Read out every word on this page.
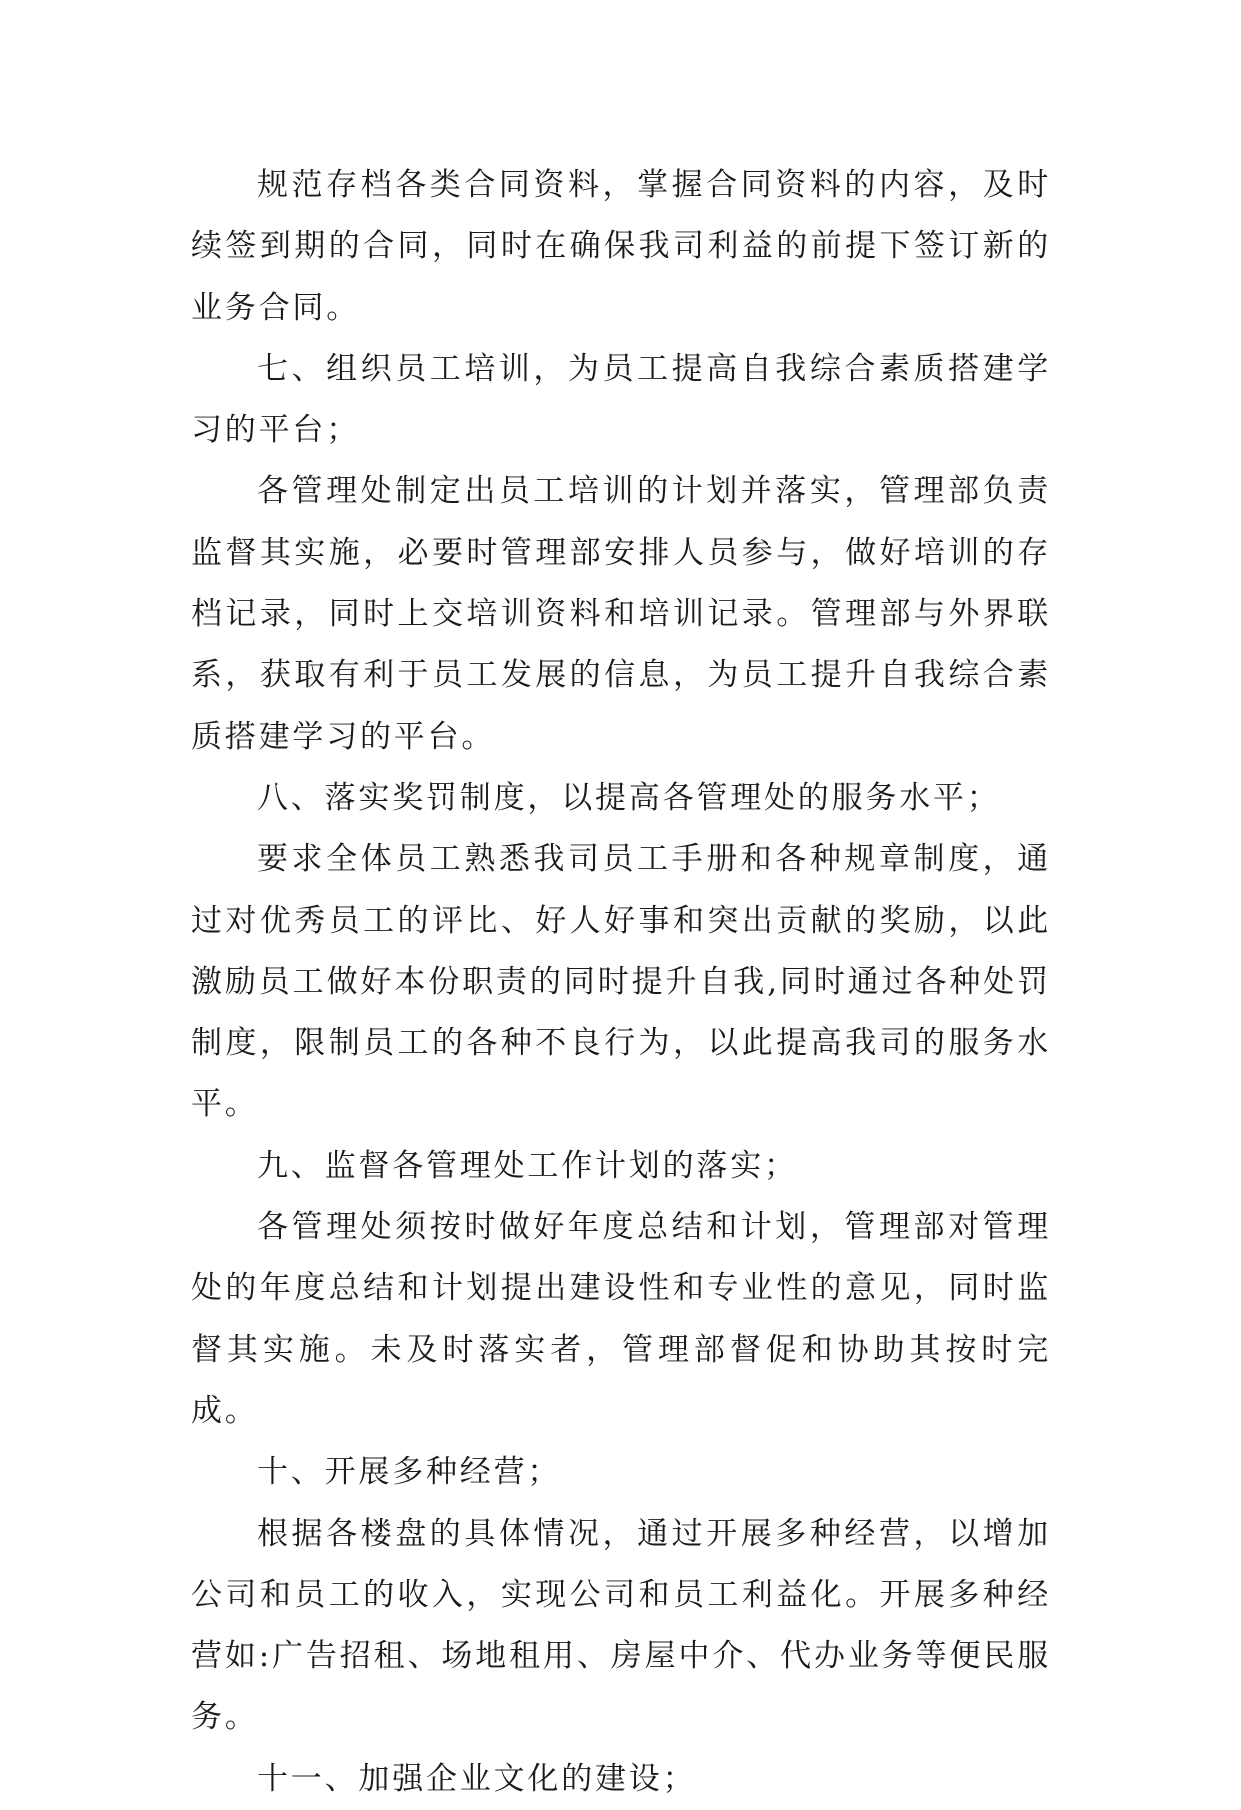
规范存档各类合同资料，掌握合同资料的内容，及时续签到期的合同，同时在确保我司利益的前提下签订新的业务合同。

七、组织员工培训，为员工提高自我综合素质搭建学习的平台；

各管理处制定出员工培训的计划并落实，管理部负责监督其实施，必要时管理部安排人员参与，做好培训的存档记录，同时上交培训资料和培训记录。管理部与外界联系，获取有利于员工发展的信息，为员工提升自我综合素质搭建学习的平台。

八、落实奖罚制度，以提高各管理处的服务水平；

要求全体员工熟悉我司员工手册和各种规章制度，通过对优秀员工的评比、好人好事和突出贡献的奖励，以此激励员工做好本份职责的同时提升自我,同时通过各种处罚制度，限制员工的各种不良行为，以此提高我司的服务水平。

九、监督各管理处工作计划的落实；

各管理处须按时做好年度总结和计划，管理部对管理处的年度总结和计划提出建设性和专业性的意见，同时监督其实施。未及时落实者，管理部督促和协助其按时完成。

十、开展多种经营；

根据各楼盘的具体情况，通过开展多种经营，以增加公司和员工的收入，实现公司和员工利益化。开展多种经营如:广告招租、场地租用、房屋中介、代办业务等便民服务。

十一、加强企业文化的建设；
